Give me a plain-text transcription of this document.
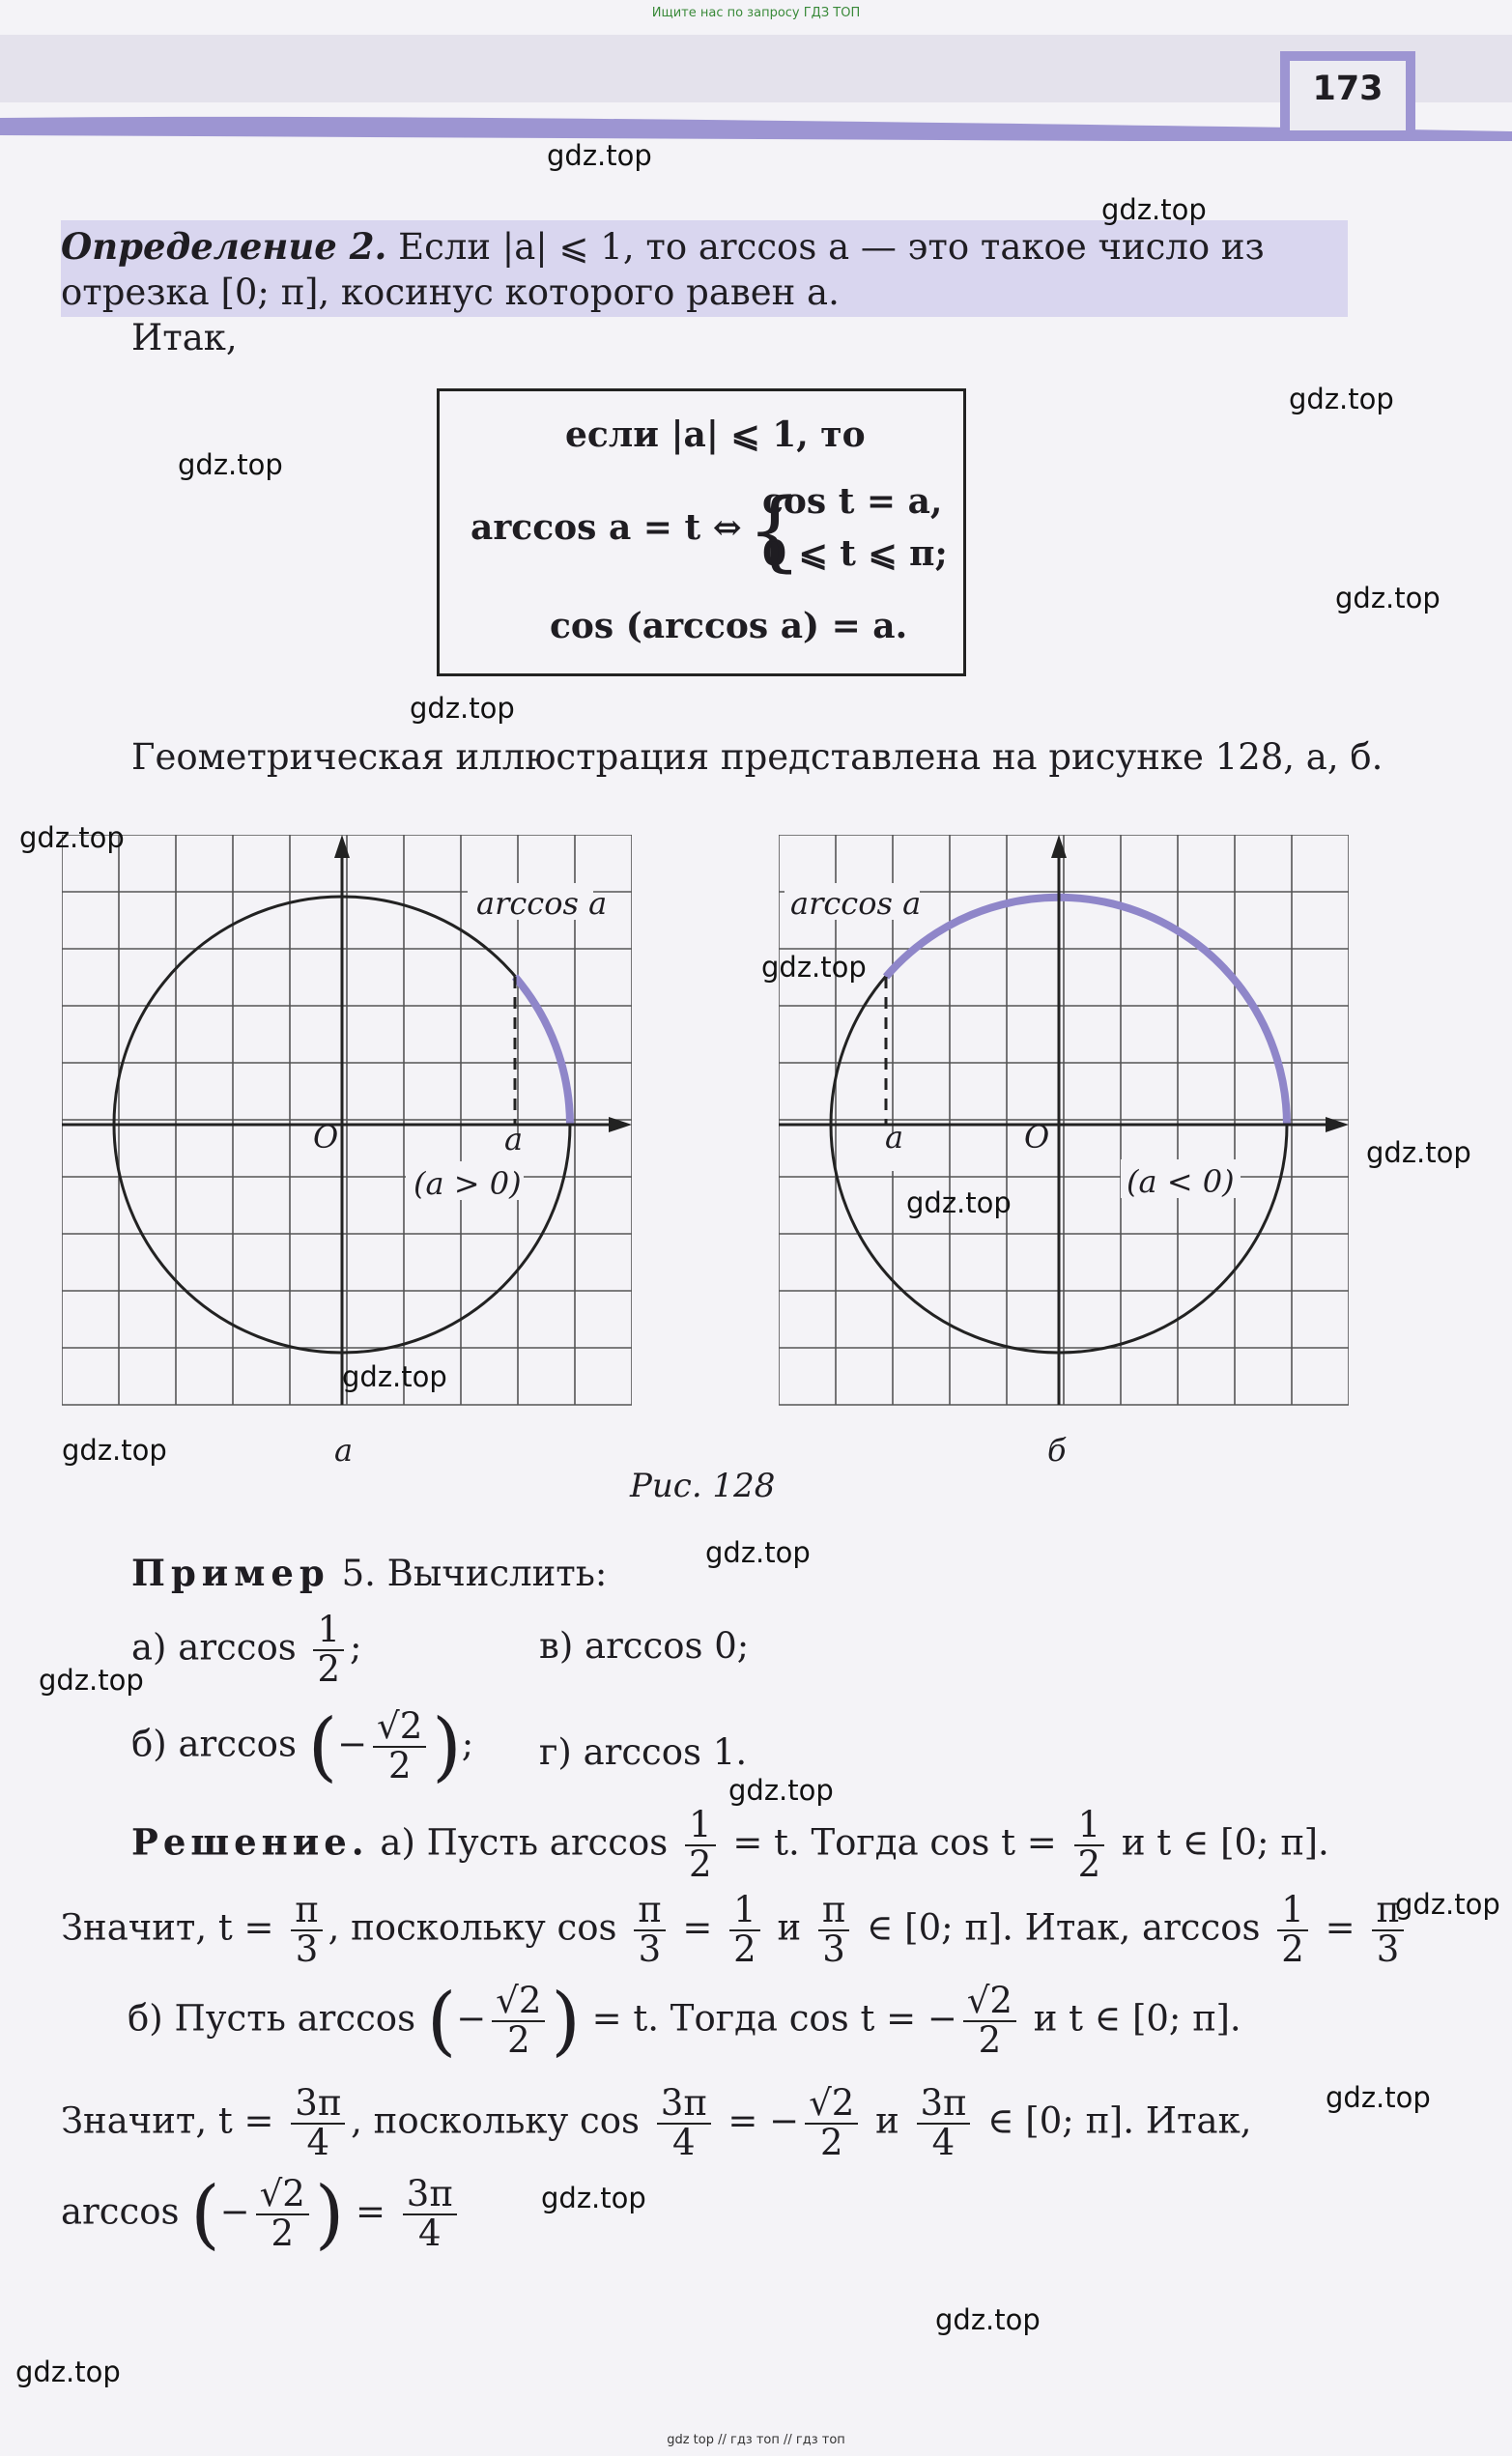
Ищите нас по запросу ГДЗ ТОП
173
Определение 2. Если |a| ⩽ 1, то arccos a — это такое число из
отрезка [0; π], косинус которого равен a.
Итак,
если |a| ⩽ 1, то
arccos a = t ⇔ {
cos t = a,
0 ⩽ t ⩽ π;
cos (arccos a) = a.
Геометрическая иллюстрация представлена на рисунке 128, a, б.
arccos a
O	a
(a > 0)
а
arccos a
O
a
(a < 0)
б
Рис. 128
Пример 5. Вычислить:
а) $\arccos \frac{1}{2}$ ;	в) arccos 0;
б) arccos (− $\frac{√2}{2}$ ); г) arccos 1.
Решение. а) Пусть $\arccos \frac{1}{2} = t$. Тогда $\cos t = \frac{1}{2}$ и t ∈ [0; π].
Значит, $t = \frac{\pi}{3}$ , поскольку $\cos \frac{\pi}{3} = \frac{1}{2}$ и $\frac{\pi}{3}$ ∈ [0; π]. Итак, $\arccos \frac{1}{2} = \frac{\pi}{3}$
б) Пусть arccos (− $\frac{√2}{2}$ ) = t. Тогда cos t = − $\frac{√2}{2}$ и t ∈ [0; π].
Значит, $t = \frac{3\pi}{4}$ , поскольку $\cos \frac{3\pi}{4}$ = − $\frac{√2}{2}$ и $\frac{3\pi}{4}$ ∈ [0; π]. Итак,
arccos (− $\frac{√2}{2}$ ) = $\frac{3\pi}{4}$
gdz.top
gdz.top
gdz.top
gdz.top
gdz.top
gdz.top
gdz.top
gdz.top
gdz.top
gdz.top
gdz.top
gdz.top
gdz.top
gdz.top
gdz.top
gdz.top
gdz.top
gdz.top
gdz.top
gdz.top
gdz top // гдз топ // гдз топ
